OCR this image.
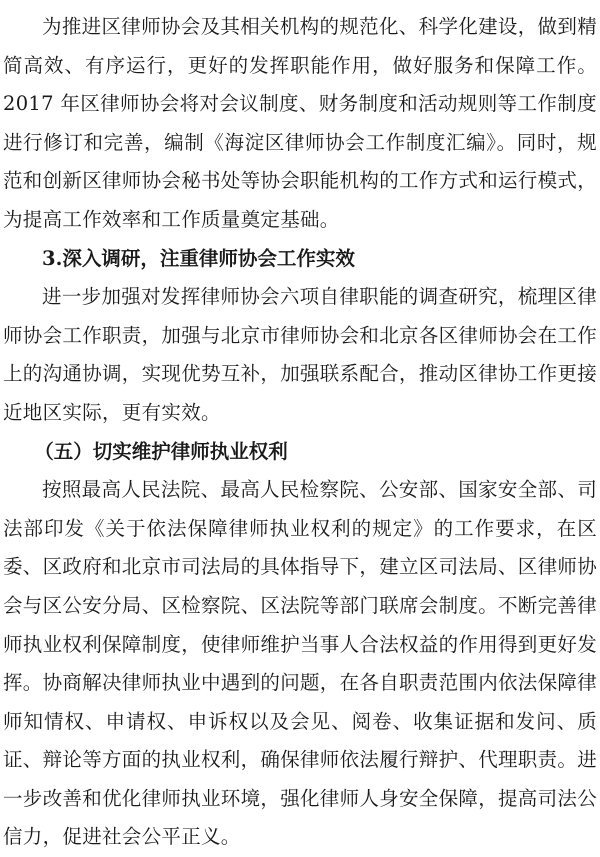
为推进区律师协会及其相关机构的规范化、科学化建设，做到精简高效、有序运行，更好的发挥职能作用，做好服务和保障工作。2017 年区律师协会将对会议制度、财务制度和活动规则等工作制度进行修订和完善，编制《海淀区律师协会工作制度汇编》。同时，规范和创新区律师协会秘书处等协会职能机构的工作方式和运行模式，为提高工作效率和工作质量奠定基础。

3.深入调研，注重律师协会工作实效

进一步加强对发挥律师协会六项自律职能的调查研究，梳理区律师协会工作职责，加强与北京市律师协会和北京各区律师协会在工作上的沟通协调，实现优势互补，加强联系配合，推动区律协工作更接近地区实际，更有实效。

（五）切实维护律师执业权利

按照最高人民法院、最高人民检察院、公安部、国家安全部、司法部印发《关于依法保障律师执业权利的规定》的工作要求，在区委、区政府和北京市司法局的具体指导下，建立区司法局、区律师协会与区公安分局、区检察院、区法院等部门联席会制度。不断完善律师执业权利保障制度，使律师维护当事人合法权益的作用得到更好发挥。协商解决律师执业中遇到的问题，在各自职责范围内依法保障律师知情权、申请权、申诉权以及会见、阅卷、收集证据和发问、质证、辩论等方面的执业权利，确保律师依法履行辩护、代理职责。进一步改善和优化律师执业环境，强化律师人身安全保障，提高司法公信力，促进社会公平正义。
